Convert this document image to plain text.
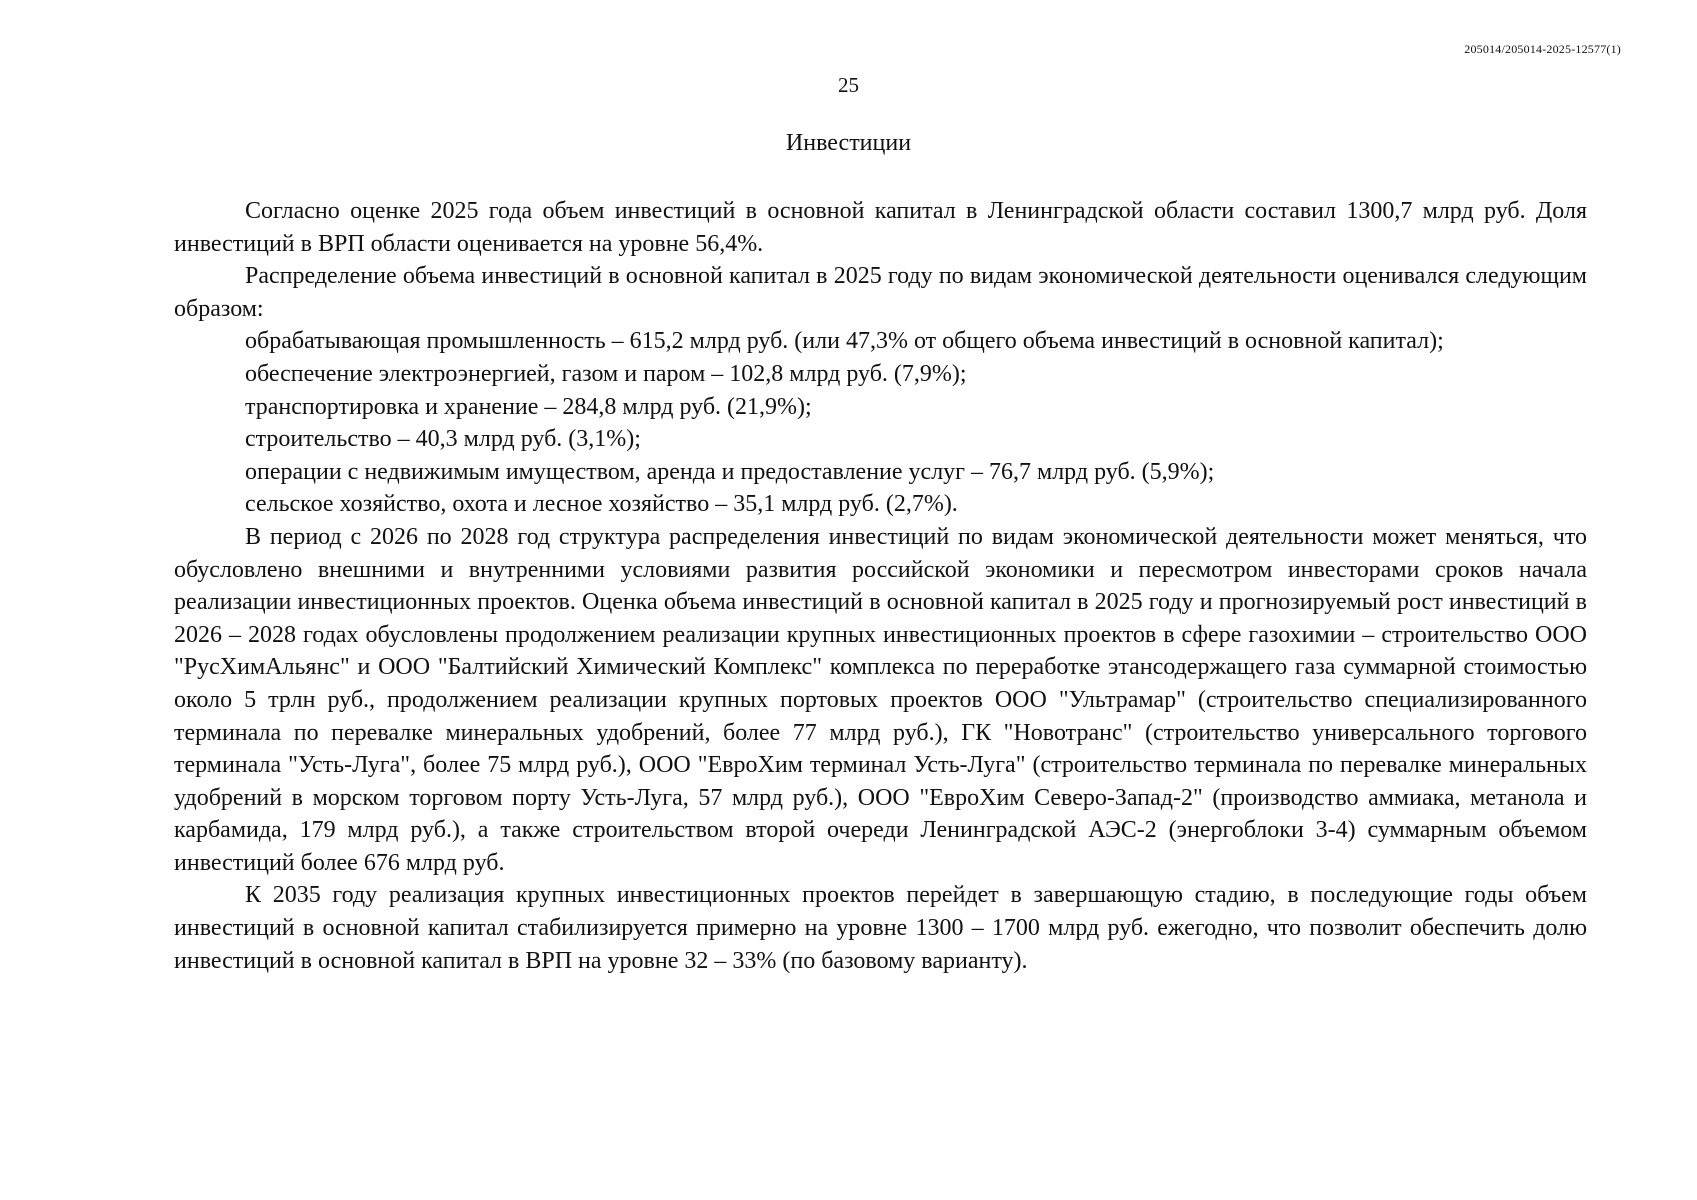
205014/205014-2025-12577(1)
25
Инвестиции

Согласно оценке 2025 года объем инвестиций в основной капитал в Ленинградской области составил 1300,7 млрд руб. Доля инвестиций в ВРП области оценивается на уровне 56,4%.

Распределение объема инвестиций в основной капитал в 2025 году по видам экономической деятельности оценивался следующим образом:

обрабатывающая промышленность – 615,2 млрд руб. (или 47,3% от общего объема инвестиций в основной капитал);

обеспечение электроэнергией, газом и паром – 102,8 млрд руб. (7,9%);

транспортировка и хранение – 284,8 млрд руб. (21,9%);

строительство – 40,3 млрд руб. (3,1%);

операции с недвижимым имуществом, аренда и предоставление услуг – 76,7 млрд руб. (5,9%);

сельское хозяйство, охота и лесное хозяйство – 35,1 млрд руб. (2,7%).

В период с 2026 по 2028 год структура распределения инвестиций по видам экономической деятельности может меняться, что обусловлено внешними и внутренними условиями развития российской экономики и пересмотром инвесторами сроков начала реализации инвестиционных проектов. Оценка объема инвестиций в основной капитал в 2025 году и прогнозируемый рост инвестиций в 2026 – 2028 годах обусловлены продолжением реализации крупных инвестиционных проектов в сфере газохимии – строительство ООО "РусХимАльянс" и ООО "Балтийский Химический Комплекс" комплекса по переработке этансодержащего газа суммарной стоимостью около 5 трлн руб., продолжением реализации крупных портовых проектов ООО "Ультрамар" (строительство специализированного терминала по перевалке минеральных удобрений, более 77 млрд руб.), ГК "Новотранс" (строительство универсального торгового терминала "Усть-Луга", более 75 млрд руб.), ООО "ЕвроХим терминал Усть-Луга" (строительство терминала по перевалке минеральных удобрений в морском торговом порту Усть-Луга, 57 млрд руб.), ООО "ЕвроХим Северо-Запад-2" (производство аммиака, метанола и карбамида, 179 млрд руб.), а также строительством второй очереди Ленинградской АЭС-2 (энергоблоки 3-4) суммарным объемом инвестиций более 676 млрд руб.

К 2035 году реализация крупных инвестиционных проектов перейдет в завершающую стадию, в последующие годы объем инвестиций в основной капитал стабилизируется примерно на уровне 1300 – 1700 млрд руб. ежегодно, что позволит обеспечить долю инвестиций в основной капитал в ВРП на уровне 32 – 33% (по базовому варианту).
